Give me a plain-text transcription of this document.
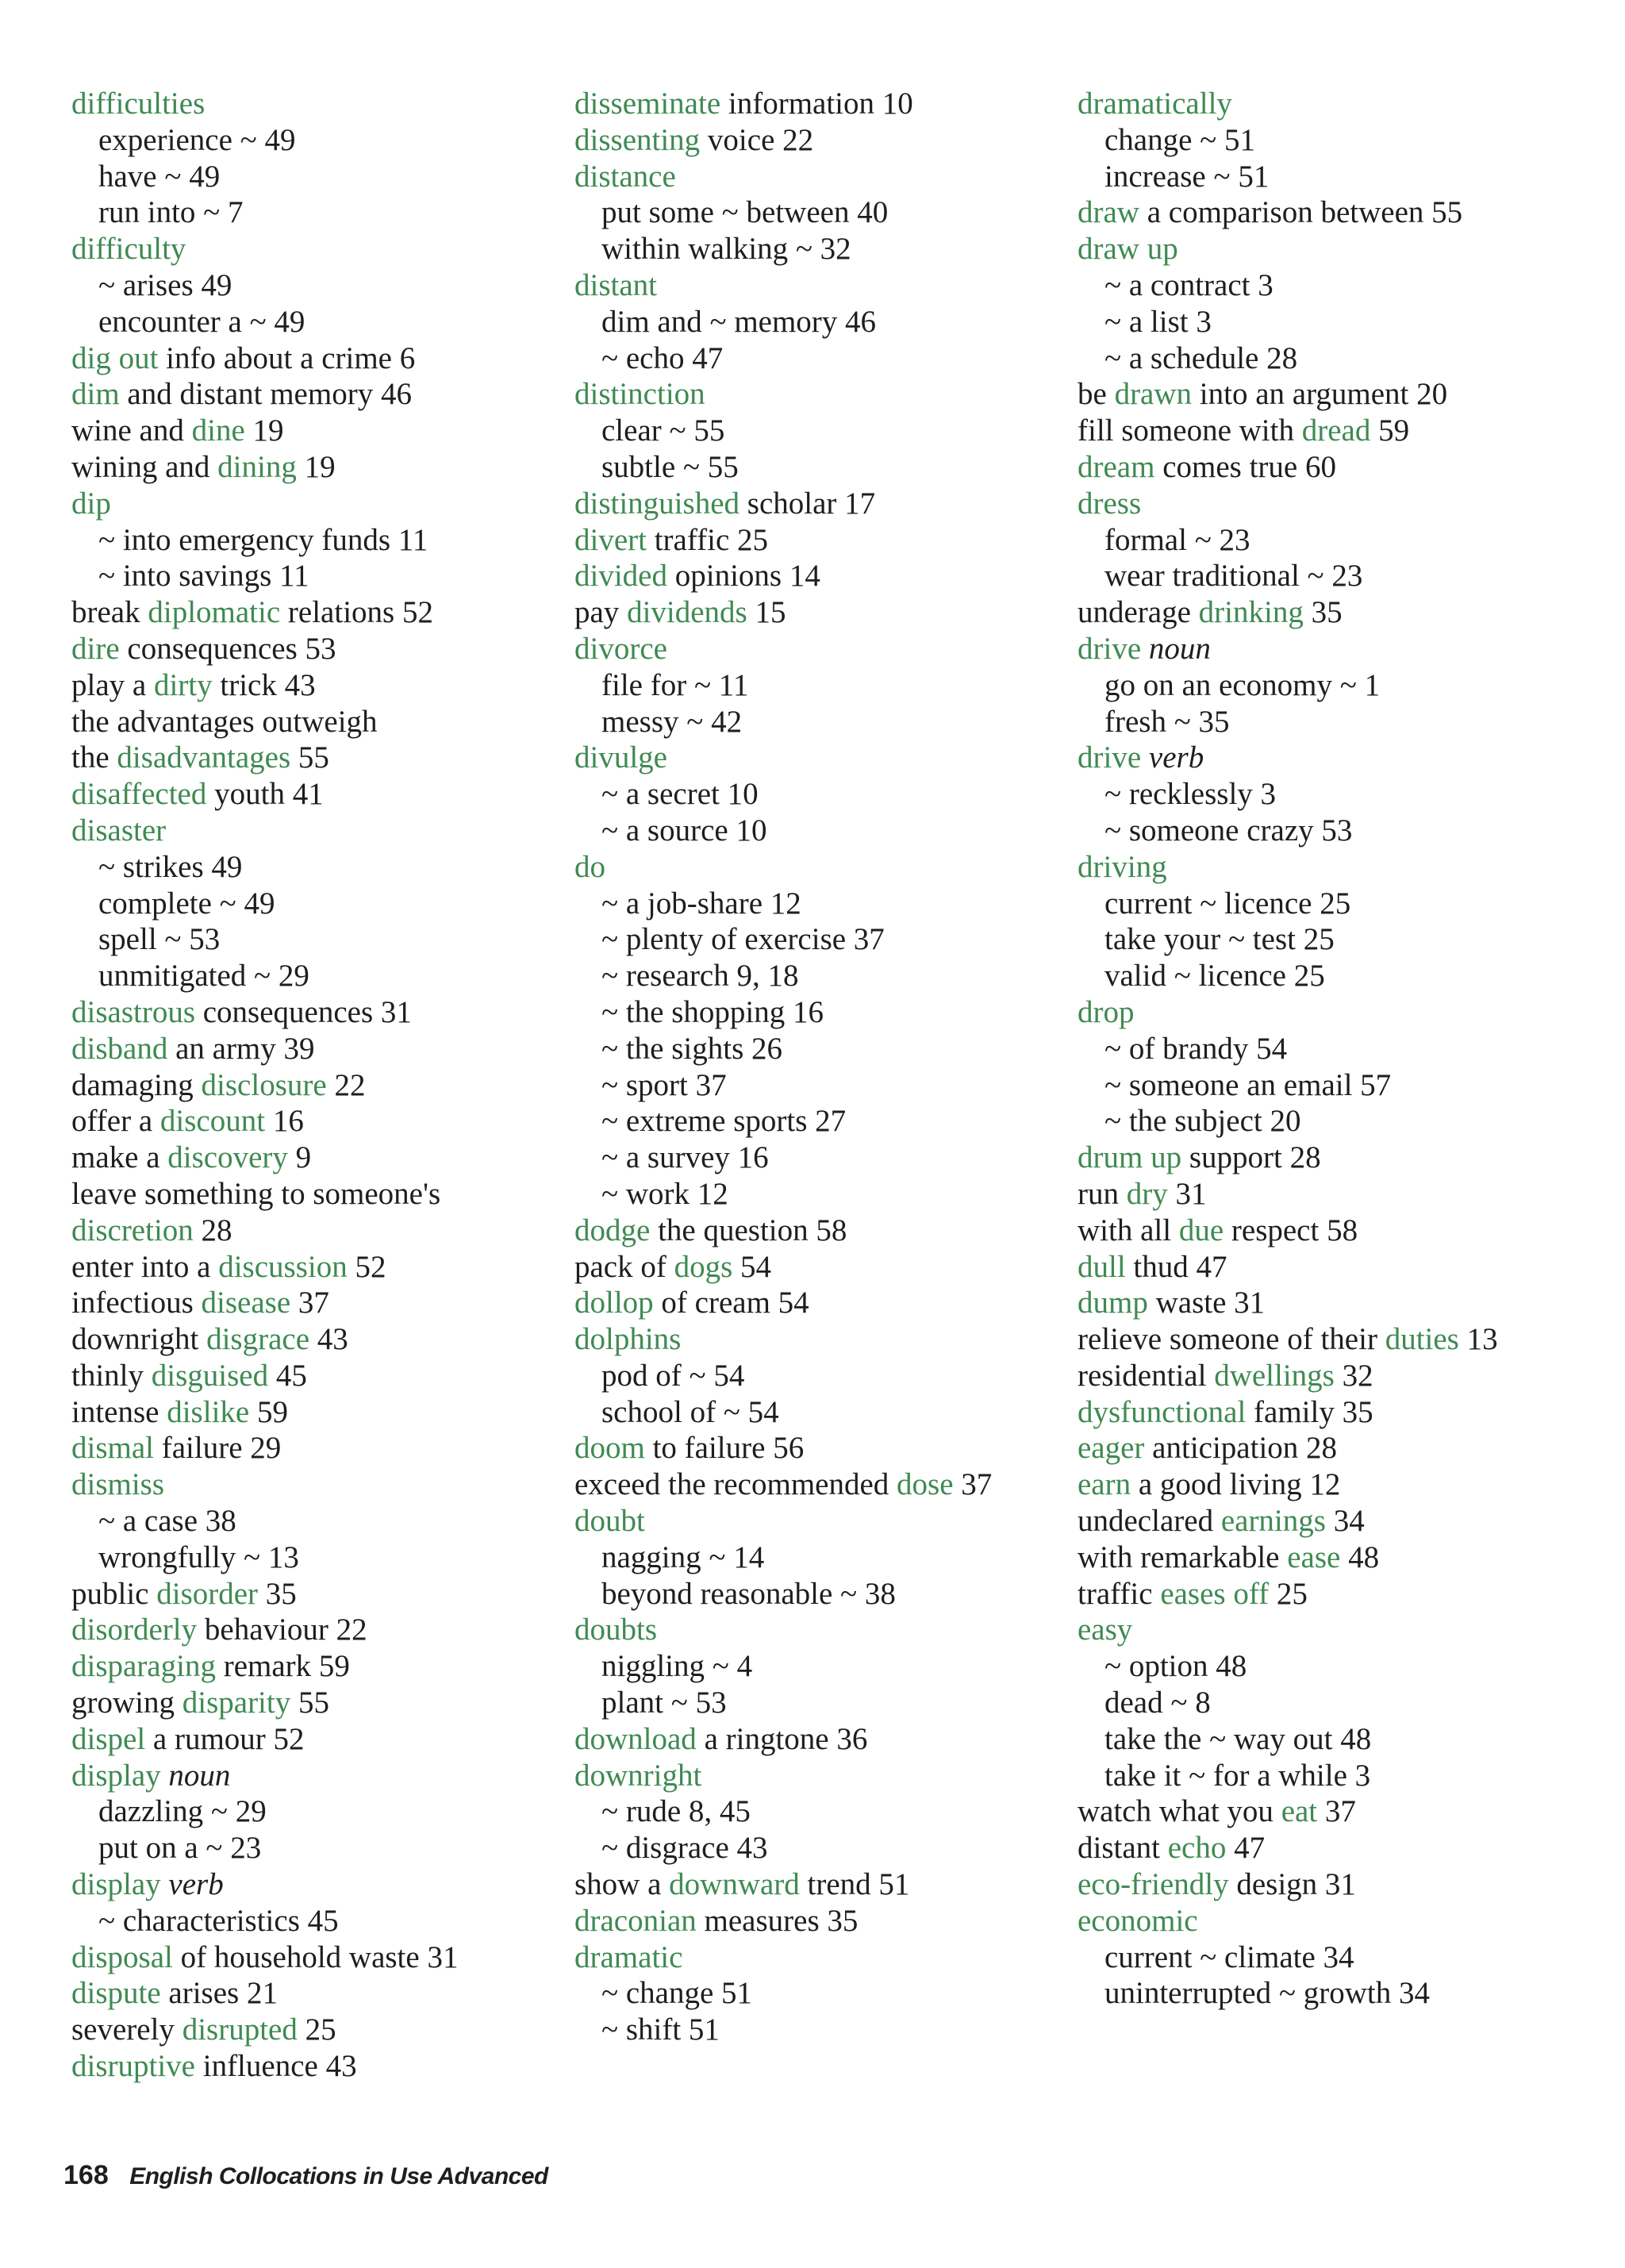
difficulties
experience ~ 49
have ~ 49
run into ~ 7
difficulty
~ arises 49
encounter a ~ 49
dig out info about a crime 6
dim and distant memory 46
wine and dine 19
wining and dining 19
dip
~ into emergency funds 11
~ into savings 11
break diplomatic relations 52
dire consequences 53
play a dirty trick 43
the advantages outweigh
the disadvantages 55
disaffected youth 41
disaster
~ strikes 49
complete ~ 49
spell ~ 53
unmitigated ~ 29
disastrous consequences 31
disband an army 39
damaging disclosure 22
offer a discount 16
make a discovery 9
leave something to someone's
discretion 28
enter into a discussion 52
infectious disease 37
downright disgrace 43
thinly disguised 45
intense dislike 59
dismal failure 29
dismiss
~ a case 38
wrongfully ~ 13
public disorder 35
disorderly behaviour 22
disparaging remark 59
growing disparity 55
dispel a rumour 52
display noun
dazzling ~ 29
put on a ~ 23
display verb
~ characteristics 45
disposal of household waste 31
dispute arises 21
severely disrupted 25
disruptive influence 43
disseminate information 10
dissenting voice 22
distance
put some ~ between 40
within walking ~ 32
distant
dim and ~ memory 46
~ echo 47
distinction
clear ~ 55
subtle ~ 55
distinguished scholar 17
divert traffic 25
divided opinions 14
pay dividends 15
divorce
file for ~ 11
messy ~ 42
divulge
~ a secret 10
~ a source 10
do
~ a job-share 12
~ plenty of exercise 37
~ research 9, 18
~ the shopping 16
~ the sights 26
~ sport 37
~ extreme sports 27
~ a survey 16
~ work 12
dodge the question 58
pack of dogs 54
dollop of cream 54
dolphins
pod of ~ 54
school of ~ 54
doom to failure 56
exceed the recommended dose 37
doubt
nagging ~ 14
beyond reasonable ~ 38
doubts
niggling ~ 4
plant ~ 53
download a ringtone 36
downright
~ rude 8, 45
~ disgrace 43
show a downward trend 51
draconian measures 35
dramatic
~ change 51
~ shift 51
dramatically
change ~ 51
increase ~ 51
draw a comparison between 55
draw up
~ a contract 3
~ a list 3
~ a schedule 28
be drawn into an argument 20
fill someone with dread 59
dream comes true 60
dress
formal ~ 23
wear traditional ~ 23
underage drinking 35
drive noun
go on an economy ~ 1
fresh ~ 35
drive verb
~ recklessly 3
~ someone crazy 53
driving
current ~ licence 25
take your ~ test 25
valid ~ licence 25
drop
~ of brandy 54
~ someone an email 57
~ the subject 20
drum up support 28
run dry 31
with all due respect 58
dull thud 47
dump waste 31
relieve someone of their duties 13
residential dwellings 32
dysfunctional family 35
eager anticipation 28
earn a good living 12
undeclared earnings 34
with remarkable ease 48
traffic eases off 25
easy
~ option 48
dead ~ 8
take the ~ way out 48
take it ~ for a while 3
watch what you eat 37
distant echo 47
eco-friendly design 31
economic
current ~ climate 34
uninterrupted ~ growth 34
168 English Collocations in Use Advanced
